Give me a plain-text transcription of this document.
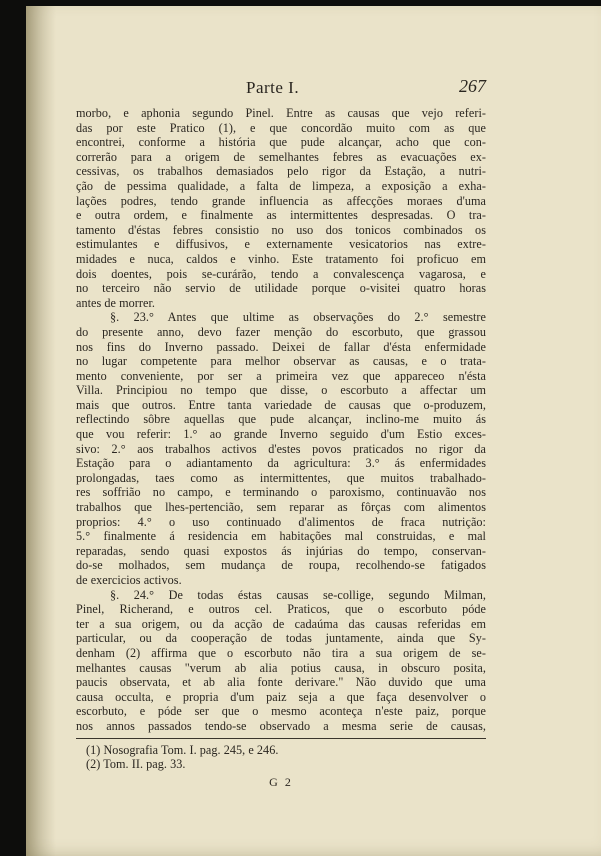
Parte I.	267
morbo, e aphonia segundo Pinel. Entre as causas que vejo referi-
das por este Pratico (1), e que concordão muito com as que
encontrei, conforme a história que pude alcançar, acho que con-
correrão para a origem de semelhantes febres as evacuações ex-
cessivas, os trabalhos demasiados pelo rigor da Estação, a nutri-
ção de pessima qualidade, a falta de limpeza, a exposição a exha-
lações podres, tendo grande influencia as affecções moraes d'uma
e outra ordem, e finalmente as intermittentes despresadas. O tra-
tamento d'éstas febres consistio no uso dos tonicos combinados os
estimulantes e diffusivos, e externamente vesicatorios nas extre-
midades e nuca, caldos e vinho. Este tratamento foi proficuo em
dois doentes, pois se-curárão, tendo a convalescença vagarosa, e
no terceiro não servio de utilidade porque o-visitei quatro horas
antes de morrer.
§. 23.° Antes que ultime as observações do 2.° semestre
do presente anno, devo fazer menção do escorbuto, que grassou
nos fins do Inverno passado. Deixei de fallar d'ésta enfermidade
no lugar competente para melhor observar as causas, e o trata-
mento conveniente, por ser a primeira vez que appareceo n'ésta
Villa. Principiou no tempo que disse, o escorbuto a affectar um
mais que outros. Entre tanta variedade de causas que o-produzem,
reflectindo sôbre aquellas que pude alcançar, inclino-me muito ás
que vou referir: 1.° ao grande Inverno seguido d'um Estio exces-
sivo: 2.° aos trabalhos activos d'estes povos praticados no rigor da
Estação para o adiantamento da agricultura: 3.° ás enfermidades
prolongadas, taes como as intermittentes, que muitos trabalhado-
res soffrião no campo, e terminando o paroxismo, continuavão nos
trabalhos que lhes-pertencião, sem reparar as fôrças com alimentos
proprios: 4.° o uso continuado d'alimentos de fraca nutrição:
5.° finalmente á residencia em habitações mal construidas, e mal
reparadas, sendo quasi expostos ás injúrias do tempo, conservan-
do-se molhados, sem mudança de roupa, recolhendo-se fatigados
de exercicios activos.
§. 24.° De todas éstas causas se-collige, segundo Milman,
Pinel, Richerand, e outros cel. Praticos, que o escorbuto póde
ter a sua origem, ou da acção de cadaúma das causas referidas em
particular, ou da cooperação de todas juntamente, ainda que Sy-
denham (2) affirma que o escorbuto não tira a sua origem de se-
melhantes causas "verum ab alia potius causa, in obscuro posita,
paucis observata, et ab alia fonte derivare." Não duvido que uma
causa occulta, e propria d'um paiz seja a que faça desenvolver o
escorbuto, e póde ser que o mesmo aconteça n'este paiz, porque
nos annos passados tendo-se observado a mesma serie de causas,
(1) Nosografia Tom. I. pag. 245, e 246.
(2) Tom. II. pag. 33.
G 2
